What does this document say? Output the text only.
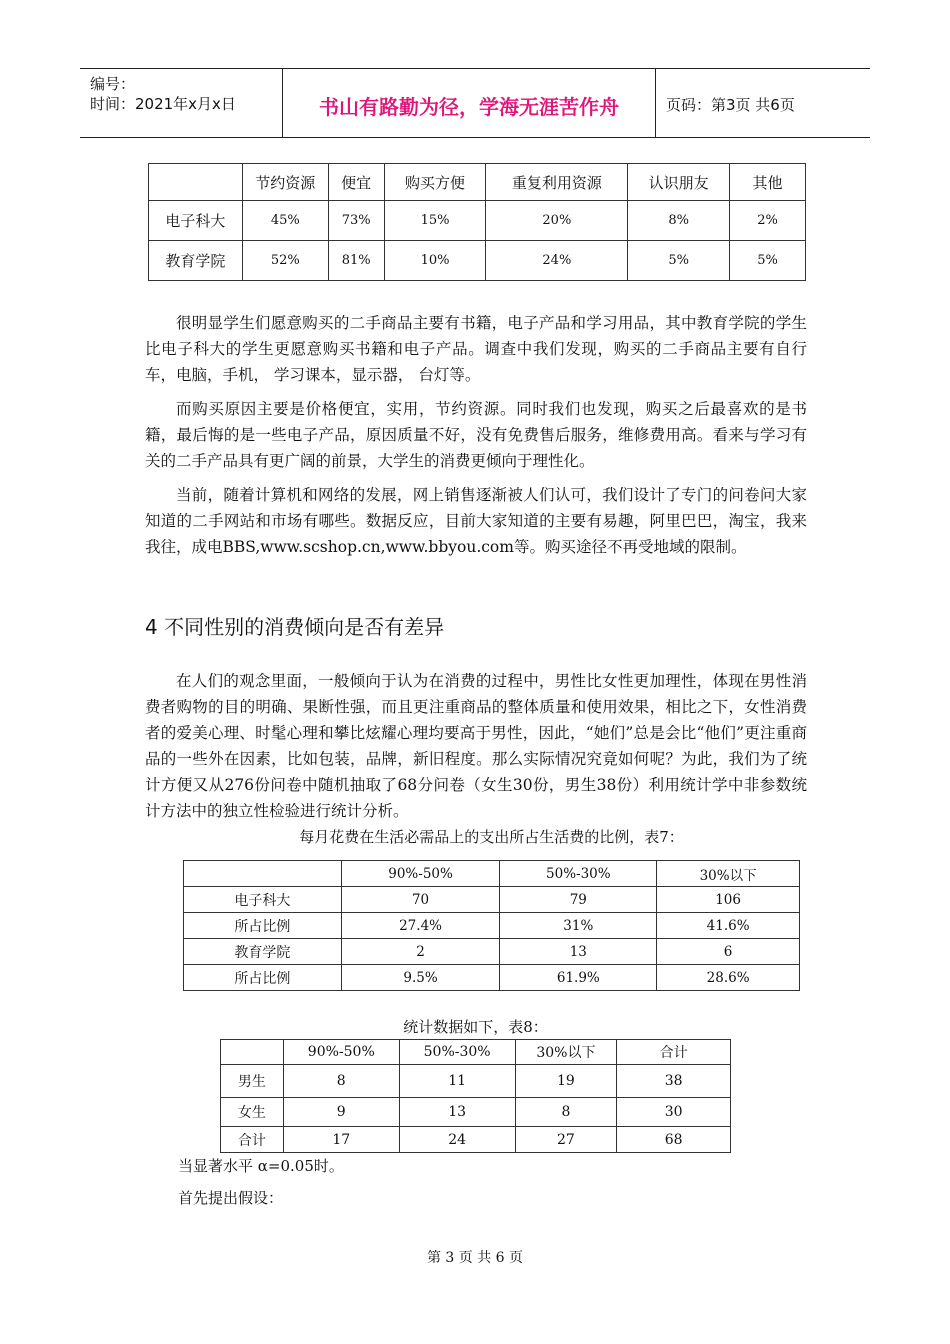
编号：
时间：2021年x月x日	书山有路勤为径，学海无涯苦作舟	页码：第3页 共6页
	节约资源	便宜	购买方便	重复利用资源	认识朋友	其他
电子科大	45%	73%	15%	20%	8%	2%
教育学院	52%	81%	10%	24%	5%	5%

很明显学生们愿意购买的二手商品主要有书籍，电子产品和学习用品，其中教育学院的学生比电子科大的学生更愿意购买书籍和电子产品。调查中我们发现，购买的二手商品主要有自行车，电脑，手机， 学习课本，显示器， 台灯等。

而购买原因主要是价格便宜，实用，节约资源。同时我们也发现，购买之后最喜欢的是书籍，最后悔的是一些电子产品，原因质量不好，没有免费售后服务，维修费用高。看来与学习有关的二手产品具有更广阔的前景，大学生的消费更倾向于理性化。

当前，随着计算机和网络的发展，网上销售逐渐被人们认可，我们设计了专门的问卷问大家知道的二手网站和市场有哪些。数据反应，目前大家知道的主要有易趣，阿里巴巴，淘宝，我来我往，成电BBS,www.scshop.cn,www.bbyou.com等。购买途径不再受地域的限制。

4 不同性别的消费倾向是否有差异

在人们的观念里面，一般倾向于认为在消费的过程中，男性比女性更加理性，体现在男性消费者购物的目的明确、果断性强，而且更注重商品的整体质量和使用效果，相比之下，女性消费者的爱美心理、时髦心理和攀比炫耀心理均要高于男性，因此，“她们”总是会比“他们”更注重商品的一些外在因素，比如包装，品牌，新旧程度。那么实际情况究竟如何呢？为此，我们为了统计方便又从276份问卷中随机抽取了68分问卷（女生30份，男生38份）利用统计学中非参数统计方法中的独立性检验进行统计分析。

每月花费在生活必需品上的支出所占生活费的比例，表7：
	90%-50%	50%-30%	30%以下
电子科大	70	79	106
所占比例	27.4%	31%	41.6%
教育学院	2	13	6
所占比例	9.5%	61.9%	28.6%
统计数据如下，表8：
	90%-50%	50%-30%	30%以下	合计
男生	8	11	19	38
女生	9	13	8	30
合计	17	24	27	68
当显著水平 α=0.05时。
首先提出假设：
第 3 页 共 6 页
